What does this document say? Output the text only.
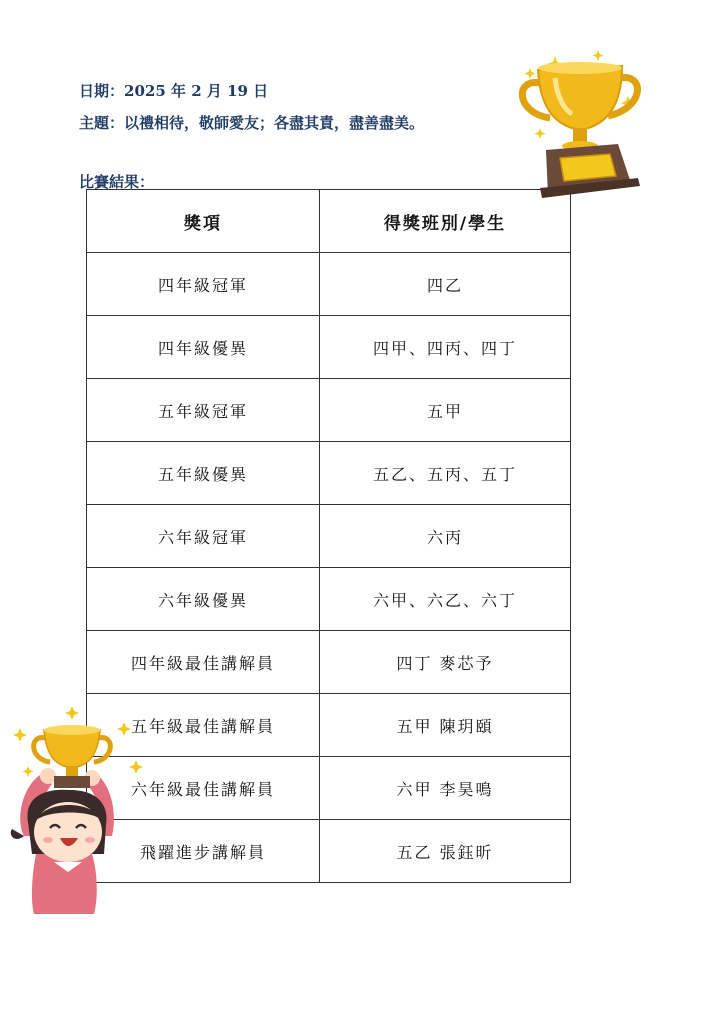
日期：2025 年 2 月 19 日
主題：以禮相待，敬師愛友；各盡其責，盡善盡美。
比賽結果：
獎項	得獎班別/學生
四年級冠軍	四乙
四年級優異	四甲、四丙、四丁
五年級冠軍	五甲
五年級優異	五乙、五丙、五丁
六年級冠軍	六丙
六年級優異	六甲、六乙、六丁
四年級最佳講解員	四丁 麥芯予
五年級最佳講解員	五甲 陳玥頤
六年級最佳講解員	六甲 李昊鳴
飛躍進步講解員	五乙 張鈺昕
